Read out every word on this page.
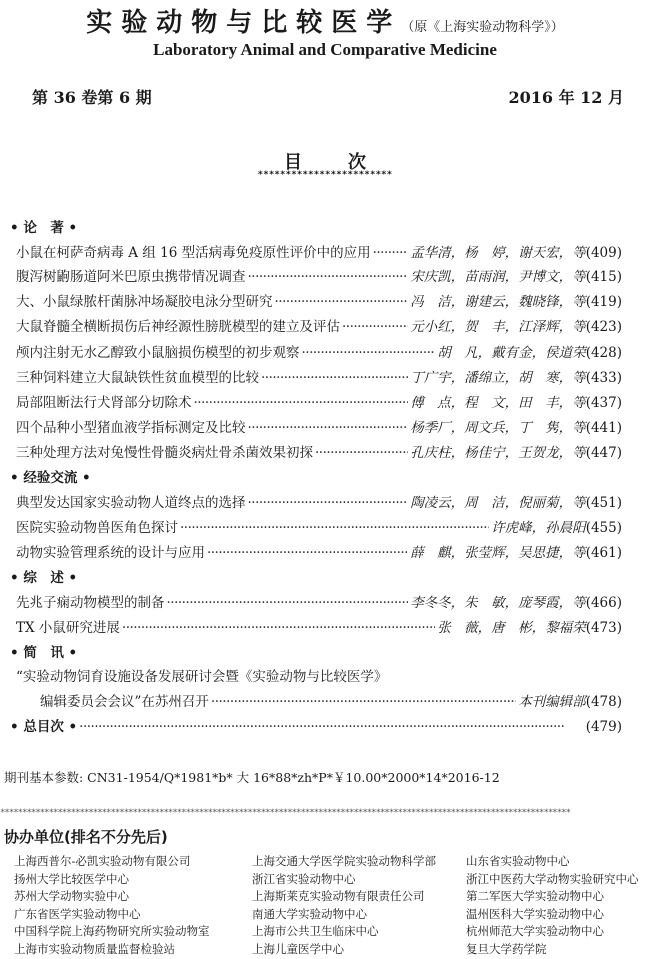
实验动物与比较医学（原《上海实验动物科学》）
Laboratory Animal and Comparative Medicine
第 36 卷第 6 期	2016 年 12 月
目次
************************
• 论　著 •
小鼠在柯萨奇病毒 A 组 16 型活病毒免疫原性评价中的应用 ·····	孟华清，杨　婷，谢天宏，等 (409)
腹泻树鼩肠道阿米巴原虫携带情况调查 ·····	宋庆凯，苗雨润，尹博文，等 (415)
大、小鼠绿脓杆菌脉冲场凝胶电泳分型研究 ·····	冯　洁，谢建云，魏晓锋，等 (419)
大鼠脊髓全横断损伤后神经源性膀胱模型的建立及评估 ·····	元小红，贺　丰，江泽辉，等 (423)
颅内注射无水乙醇致小鼠脑损伤模型的初步观察 ·····	胡　凡，戴有金，侯道荣 (428)
三种饲料建立大鼠缺铁性贫血模型的比较 ·····	丁广宇，潘绵立，胡　寒，等 (433)
局部阻断法行犬肾部分切除术 ·····	傅　点，程　文，田　丰，等 (437)
四个品种小型猪血液学指标测定及比较 ·····	杨季厂，周文兵，丁　隽，等 (441)
三种处理方法对兔慢性骨髓炎病灶骨杀菌效果初探 ·····	孔庆柱，杨佳宁，王贺龙，等 (447)
• 经验交流 •
典型发达国家实验动物人道终点的选择 ·····	陶凌云，周　洁，倪丽菊，等 (451)
医院实验动物兽医角色探讨 ·····	许虎峰，孙晨阳 (455)
动物实验管理系统的设计与应用 ·····	薛　麒，张莹辉，吴思捷，等 (461)
• 综　述 •
先兆子痫动物模型的制备 ·····	李冬冬，朱　敏，庞琴霞，等 (466)
TX 小鼠研究进展 ·····	张　薇，唐　彬，黎福荣 (473)
• 简　讯 •
“实验动物饲育设施设备发展研讨会暨《实验动物与比较医学》
编辑委员会会议”在苏州召开 ·····	本刊编辑部 (478)
• 总目次 • ·····	(479)
期刊基本参数: CN31-1954/Q*1981*b* 大 16*88*zh*P*￥10.00*2000*14*2016-12
*****
协办单位(排名不分先后)
上海西普尔-必凯实验动物有限公司
扬州大学比较医学中心
苏州大学动物实验中心
广东省医学实验动物中心
中国科学院上海药物研究所实验动物室
上海市实验动物质量监督检验站
上海交通大学医学院实验动物科学部
浙江省实验动物中心
上海斯莱克实验动物有限责任公司
南通大学实验动物中心
上海市公共卫生临床中心
上海儿童医学中心
山东省实验动物中心
浙江中医药大学动物实验研究中心
第二军医大学实验动物中心
温州医科大学实验动物中心
杭州师范大学实验动物中心
复旦大学药学院
